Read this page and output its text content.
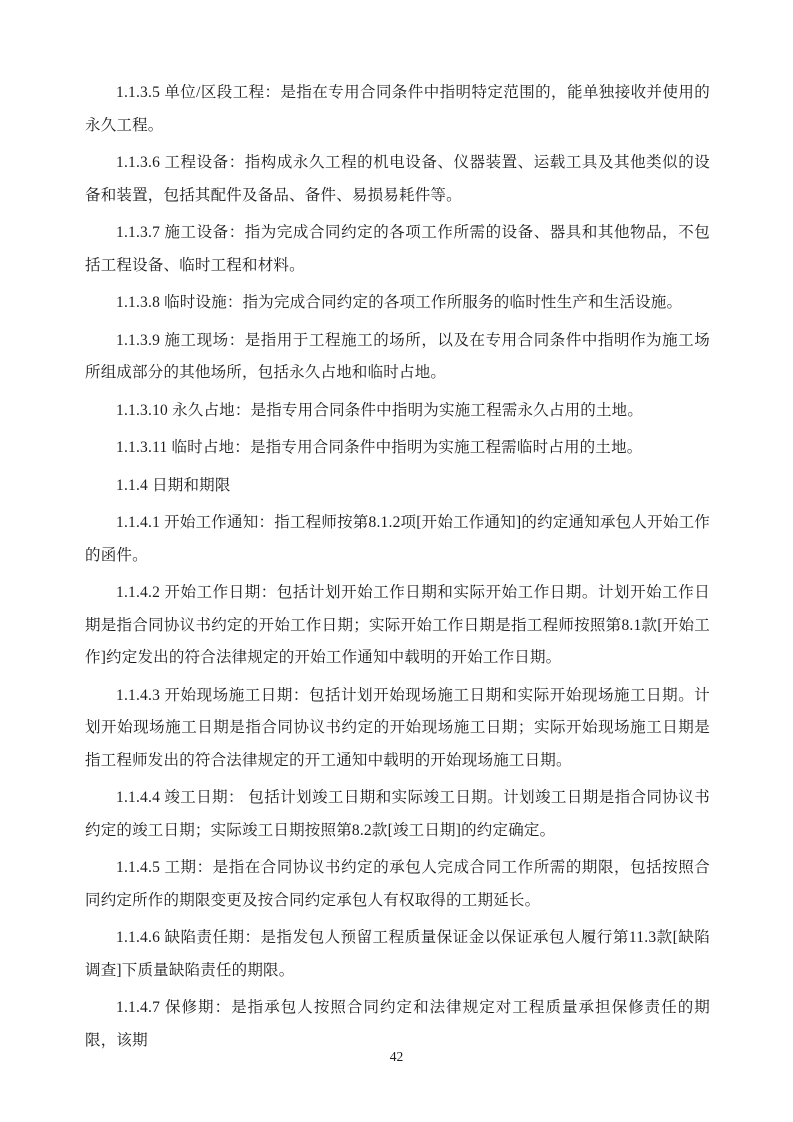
1.1.3.5 单位/区段工程：是指在专用合同条件中指明特定范围的，能单独接收并使用的永久工程。

1.1.3.6 工程设备：指构成永久工程的机电设备、仪器装置、运载工具及其他类似的设备和装置，包括其配件及备品、备件、易损易耗件等。

1.1.3.7 施工设备：指为完成合同约定的各项工作所需的设备、器具和其他物品，不包括工程设备、临时工程和材料。

1.1.3.8 临时设施：指为完成合同约定的各项工作所服务的临时性生产和生活设施。

1.1.3.9 施工现场：是指用于工程施工的场所，以及在专用合同条件中指明作为施工场所组成部分的其他场所，包括永久占地和临时占地。

1.1.3.10 永久占地：是指专用合同条件中指明为实施工程需永久占用的土地。

1.1.3.11 临时占地：是指专用合同条件中指明为实施工程需临时占用的土地。

1.1.4 日期和期限

1.1.4.1 开始工作通知：指工程师按第8.1.2项[开始工作通知]的约定通知承包人开始工作的函件。

1.1.4.2 开始工作日期：包括计划开始工作日期和实际开始工作日期。计划开始工作日期是指合同协议书约定的开始工作日期；实际开始工作日期是指工程师按照第8.1款[开始工作]约定发出的符合法律规定的开始工作通知中载明的开始工作日期。

1.1.4.3 开始现场施工日期：包括计划开始现场施工日期和实际开始现场施工日期。计划开始现场施工日期是指合同协议书约定的开始现场施工日期；实际开始现场施工日期是指工程师发出的符合法律规定的开工通知中载明的开始现场施工日期。

1.1.4.4 竣工日期： 包括计划竣工日期和实际竣工日期。计划竣工日期是指合同协议书约定的竣工日期；实际竣工日期按照第8.2款[竣工日期]的约定确定。

1.1.4.5 工期：是指在合同协议书约定的承包人完成合同工作所需的期限，包括按照合同约定所作的期限变更及按合同约定承包人有权取得的工期延长。

1.1.4.6 缺陷责任期：是指发包人预留工程质量保证金以保证承包人履行第11.3款[缺陷调查]下质量缺陷责任的期限。

1.1.4.7 保修期：是指承包人按照合同约定和法律规定对工程质量承担保修责任的期限，该期

42
